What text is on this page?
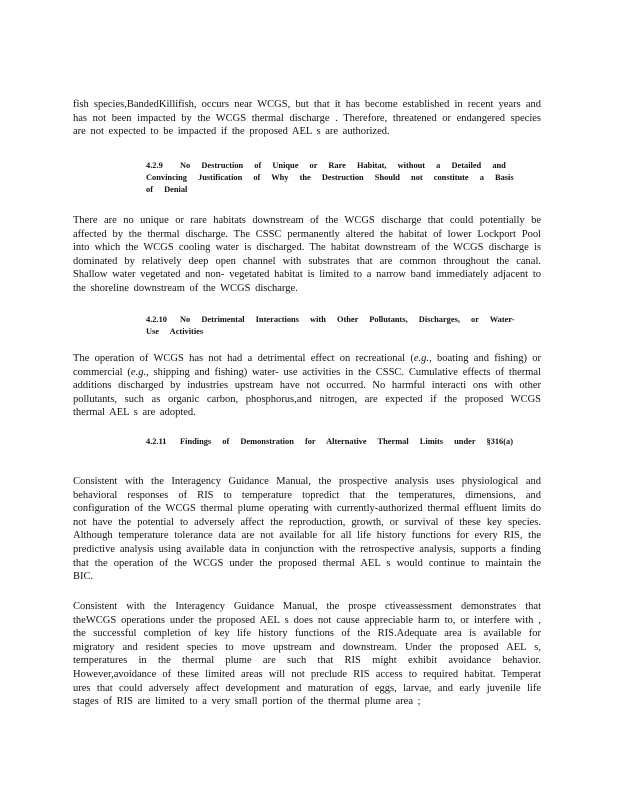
fish species,BandedKillifish, occurs near WCGS, but that it has become established in recent years and has not been impacted by the WCGS thermal discharge . Therefore, threatened or endangered species are not expected to be impacted if the proposed AEL s are authorized.

4.2.9 No Destruction of Unique or Rare Habitat, without a Detailed and Convincing Justification of Why the Destruction Should not constitute a Basis of Denial

There are no unique or rare habitats downstream of the WCGS discharge that could potentially be affected by the thermal discharge. The CSSC permanently altered the habitat of lower Lockport Pool into which the WCGS cooling water is discharged. The habitat downstream of the WCGS discharge is dominated by relatively deep open channel with substrates that are common throughout the canal. Shallow water vegetated and non- vegetated habitat is limited to a narrow band immediately adjacent to the shoreline downstream of the WCGS discharge.

4.2.10 No Detrimental Interactions with Other Pollutants, Discharges, or Water- Use Activities

The operation of WCGS has not had a detrimental effect on recreational (e.g., boating and fishing) or commercial (e.g., shipping and fishing) water- use activities in the CSSC. Cumulative effects of thermal additions discharged by industries upstream have not occurred. No harmful interacti ons with other pollutants, such as organic carbon, phosphorus,and nitrogen, are expected if the proposed WCGS thermal AEL s are adopted.

4.2.11 Findings of Demonstration for Alternative Thermal Limits under §316(a)

Consistent with the Interagency Guidance Manual, the prospective analysis uses physiological and behavioral responses of RIS to temperature topredict that the temperatures, dimensions, and configuration of the WCGS thermal plume operating with currently-authorized thermal effluent limits do not have the potential to adversely affect the reproduction, growth, or survival of these key species. Although temperature tolerance data are not available for all life history functions for every RIS, the predictive analysis using available data in conjunction with the retrospective analysis, supports a finding that the operation of the WCGS under the proposed thermal AEL s would continue to maintain the BIC.

Consistent with the Interagency Guidance Manual, the prospe ctiveassessment demonstrates that theWCGS operations under the proposed AEL s does not cause appreciable harm to, or interfere with , the successful completion of key life history functions of the RIS.Adequate area is available for migratory and resident species to move upstream and downstream. Under the proposed AEL s, temperatures in the thermal plume are such that RIS might exhibit avoidance behavior. However,avoidance of these limited areas will not preclude RIS access to required habitat. Temperat ures that could adversely affect development and maturation of eggs, larvae, and early juvenile life stages of RIS are limited to a very small portion of the thermal plume area ;
